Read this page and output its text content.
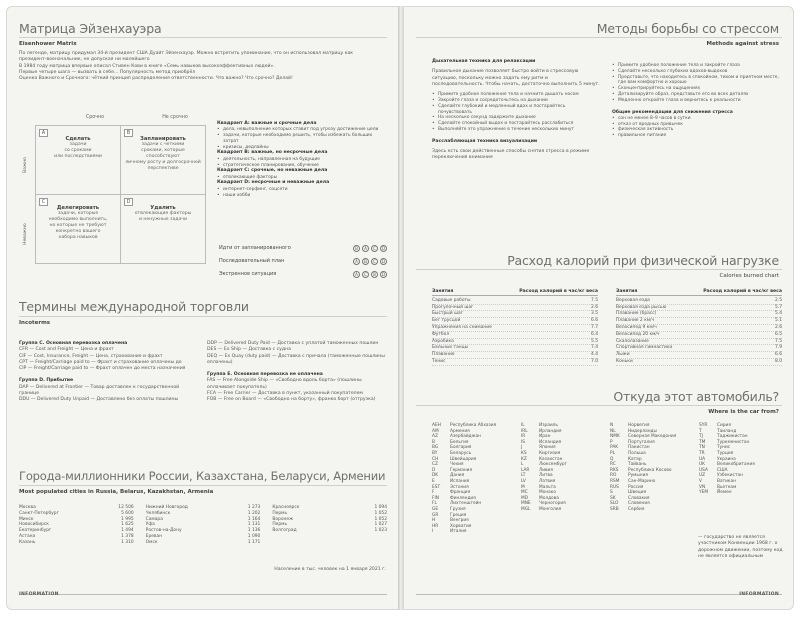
Матрица Эйзенхауэра
Eisenhower Matrix
По легенде, матрицу придумал 34-й президент США Дуайт Эйзенхауэр. Можно встретить упоминание, что он использовал матрицу как
президент-военачальник, не допуская ни малейшего
В 1984 году матрица впервые описал Стивен Кови в книге «Семь навыков высокоэффективных людей».
Первые четыре шага — вызвать в себе... Популярность метод приобрёл
Оценка Важного и Срочного: чёткий принцип распределения ответственности. Что важно? Что срочно? Делай!
Срочно	Не срочно
Важно
Неважно
A
Сделать
задачи
со сроками
или последствиями
B
Запланировать
задачи с четкими
сроками, которые
способствуют
личному росту и долгосрочной
перспективе
C
Делегировать
задачи, которые
необходимо выполнить,
но которые не требуют
конкретно вашего
набора навыков
D
Удалить
отвлекающие факторы
и ненужные задачи
Квадрант A: важные и срочные дела
• дела, невыполнение которых ставит под угрозу достижение цели
• задачи, которые необходимо решить, чтобы избежать больших затрат
• кризисы, дедлайны
Квадрант B: важные, но несрочные дела
• деятельность, направленная на будущие
• стратегическое планирование, обучение
Квадрант C: срочные, но неважные дела
• отвлекающие факторы
Квадрант D: несрочные и неважные дела
• интернет-серфинг, соцсети
• наши хобби
Идти от запланированного	B A C D
Последовательный план	A B C D
Экстренное ситуация	A C B D
Термины международной торговли
Incoterms
Группа C. Основная перевозка оплачена
CFR — Cost and Freight — Цена и фрахт
CIF — Cost, Insurance, Freight — Цена, страхование и фрахт
CPT — Freight/Carriage paid to — Фрахт и страхование оплачены до
CIP — Freight/Carriage paid to — Фрахт оплачен до места назначения
Группа D. Прибытие
DAP — Delivered at Frontier — Товар доставлен к государственной границе
DDU — Delivered Duty Unpaid — Доставлено без оплаты пошлины
DDP — Delivered Duty Paid — Доставка с уплатой таможенных пошлин
DES — Ex Ship — Доставка с судна
DEQ — Ex Quay (duty paid) — Доставка с причала (таможенные пошлины оплачены)
Группа E. Основная перевозка не оплачена
FAS — Free Alongside Ship — «Свободно вдоль борта» (пошлины оплачивает покупатель)
FCA — Free Carrier — Доставка в пункт, указанный покупателем
FOB — Free on Board — «Свободно на борту», франко борт (отгрузка)
Города-миллионники России, Казахстана, Беларуси, Армении
Most populated cities in Russia, Belarus, Kazakhstan, Armenia
Москва	12 506
Санкт-Петербург	5 600
Минск	1 995
Новосибирск	1 625
Екатеринбург	1 494
Астана	1 378
Казань	1 310
Нижний Новгород	1 273
Челябинск	1 202
Самара	1 164
Уфа	1 131
Ростов-на-Дону	1 136
Ереван	1 090
Омск	1 171
Красноярск	1 094
Пермь	1 052
Воронеж	1 052
Пермь	1 027
Волгоград	1 023
Население в тыс. человек на 1 января 2021 г.
INFORMATION
Методы борьбы со стрессом
Methods against stress
Дыхательная техника для релаксации
Правильное дыхание позволяет быстро войти в стрессовую ситуацию, поскольку можно задать ему ритм и последовательность. Чтобы начать, достаточно выполнить 5 минут.
• Примите удобное положение тела и начните дышать носом
• Закройте глаза и сосредоточьтесь на дыхании
• Сделайте глубокий и медленный вдох и постарайтесь почувствовать
• На несколько секунд задержите дыхание
• Сделайте спокойный выдох и постарайтесь расслабиться
• Выполняйте это упражнение в течение нескольких минут
Расслабляющая техника визуализации
Здесь есть свои действенные способы снятия стресса в режиме переключения внимания
• Примите удобное положение тела и закройте глаза
• Сделайте несколько глубоких вдохов-выдохов
• Представьте, что находитесь в спокойном, тихом и приятном месте, где вам комфортно и хорошо
• Сконцентрируйтесь на ощущениях
• Детализируйте образ, представьте его во всех деталях
• Медленно откройте глаза и вернитесь к реальности
Общие рекомендации для снижения стресса
• сон не менее 8–9 часов в сутки
• отказ от вредных привычек
• физическая активность
• правильное питание
Расход калорий при физической нагрузке
Calories burned chart
Занятия	Расход калорий в час/кг веса
Садовые работы	7.5
Прогулочный шаг	2.6
Быстрый шаг	3.5
Бег трусцой	6.6
Упражнения на снимание	7.7
Футбол	6.4
Аэробика	5.5
Бальные танцы	7.4
Плавание	4.4
Тенис	7.0
Занятия	Расход калорий в час/кг веса
Верховая езда	2.5
Верховая езда рысью	5.7
Плавание (брасс)	5.4
Плавание 2 км/ч	5.1
Велосипед 9 км/ч	2.6
Велосипед 20 км/ч	6.5
Скалолазание	7.5
Спортивная гимнастика	7.9
Лыжи	6.6
Коньки	8.0
Откуда этот автомобиль?
Where is the car from?
AEH	Республика Абхазия
AM	Армения
AZ	Азербайджан
B	Бельгия
BG	Болгария
BY	Беларусь
CH	Швейцария
CZ	Чехия
D	Германия
DK	Дания
E	Испания
EST	Эстония
F	Франция
FIN	Финляндия
FL	Лихтенштейн
GE	Грузия
GR	Греция
H	Венгрия
HR	Хорватия
I	Италия
IL	Израиль
IRL	Ирландия
IR	Иран
IS	Исландия
J	Япония
KS	Киргизия
KZ	Казахстан
L	Люксембург
LAR	Ливия
LT	Литва
LV	Латвия
M	Мальта
MC	Монако
MD	Молдова
MNE	Черногория
MGL	Монголия
N	Норвегия
NL	Нидерланды
NMK	Северная Македония
P	Португалия
PAK	Пакистан
PL	Польша
Q	Катар
RC	Тайвань
RKS	Республика Косово
RO	Румыния
RSM	Сан-Марино
RUS	Россия
S	Швеция
SK	Словакия
SLO	Словения
SRB	Сербия
SYR	Сирия
T	Таиланд
TJ	Таджикистан
TM	Туркменистан
TN	Тунис
TR	Турция
UA	Украина
UK	Великобритания
USA	США
UZ	Узбекистан
V	Ватикан
VN	Вьетнам
YEM	Йемен
— государство не является участником Конвенции 1968 г. о дорожном движении, поэтому код не является официальным
INFORMATION
